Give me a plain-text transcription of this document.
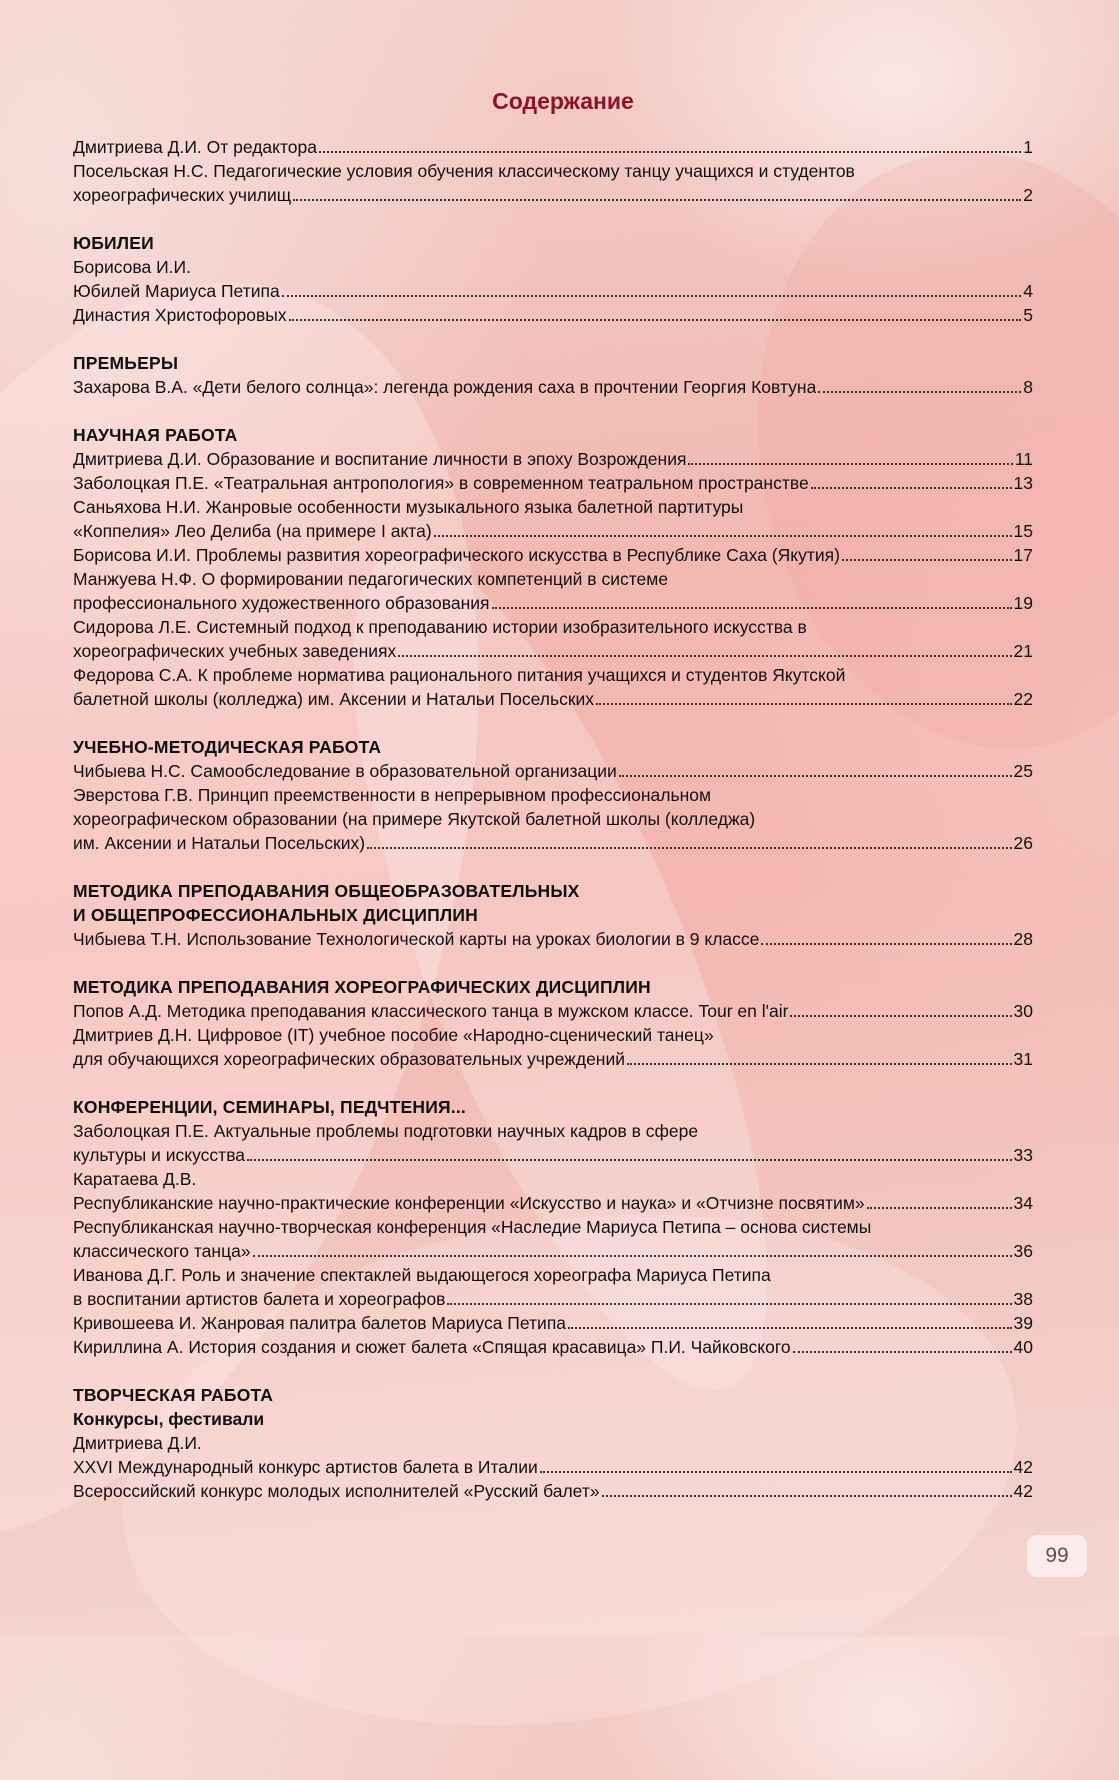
Содержание
Дмитриева Д.И. От редактора	1
Посельская Н.С. Педагогические условия обучения классическому танцу учащихся и студентов
хореографических училищ	2
ЮБИЛЕИ
Борисова И.И.
Юбилей Мариуса Петипа	4
Династия Христофоровых	5
ПРЕМЬЕРЫ
Захарова В.А. «Дети белого солнца»: легенда рождения саха в прочтении Георгия Ковтуна	8
НАУЧНАЯ РАБОТА
Дмитриева Д.И. Образование и воспитание личности в эпоху Возрождения	11
Заболоцкая П.Е. «Театральная антропология» в современном театральном пространстве	13
Саньяхова Н.И. Жанровые особенности музыкального языка балетной партитуры
«Коппелия» Лео Делиба (на примере I акта)	15
Борисова И.И. Проблемы развития хореографического искусства в Республике Саха (Якутия)	17
Манжуева Н.Ф. О формировании педагогических компетенций в системе
профессионального художественного образования	19
Сидорова Л.Е. Системный подход к преподаванию истории изобразительного искусства в
хореографических учебных заведениях	21
Федорова С.А. К проблеме норматива рационального питания учащихся и студентов Якутской
балетной школы (колледжа) им. Аксении и Натальи Посельских	22
УЧЕБНО-МЕТОДИЧЕСКАЯ РАБОТА
Чибыева Н.С. Самообследование в образовательной организации	25
Эверстова Г.В. Принцип преемственности в непрерывном профессиональном
хореографическом образовании (на примере Якутской балетной школы (колледжа)
им. Аксении и Натальи Посельских)	26
МЕТОДИКА ПРЕПОДАВАНИЯ ОБЩЕОБРАЗОВАТЕЛЬНЫХ
И ОБЩЕПРОФЕССИОНАЛЬНЫХ ДИСЦИПЛИН
Чибыева Т.Н. Использование Технологической карты на уроках биологии в 9 классе	28
МЕТОДИКА ПРЕПОДАВАНИЯ ХОРЕОГРАФИЧЕСКИХ ДИСЦИПЛИН
Попов А.Д. Методика преподавания классического танца в мужском классе. Tour en l'air	30
Дмитриев Д.Н. Цифровое (IT) учебное пособие «Народно-сценический танец»
для обучающихся хореографических образовательных учреждений	31
КОНФЕРЕНЦИИ, СЕМИНАРЫ, ПЕДЧТЕНИЯ...
Заболоцкая П.Е. Актуальные проблемы подготовки научных кадров в сфере
культуры и искусства	33
Каратаева Д.В.
Республиканские научно-практические конференции «Искусство и наука» и «Отчизне посвятим»	34
Республиканская научно-творческая конференция «Наследие Мариуса Петипа – основа системы
классического танца»	36
Иванова Д.Г. Роль и значение спектаклей выдающегося хореографа Мариуса Петипа
в воспитании артистов балета и хореографов	38
Кривошеева И. Жанровая палитра балетов Мариуса Петипа	39
Кириллина А. История создания и сюжет балета «Спящая красавица» П.И. Чайковского	40
ТВОРЧЕСКАЯ РАБОТА
Конкурсы, фестивали
Дмитриева Д.И.
XXVI Международный конкурс артистов балета в Италии	42
Всероссийский конкурс молодых исполнителей «Русский балет»	42
99
